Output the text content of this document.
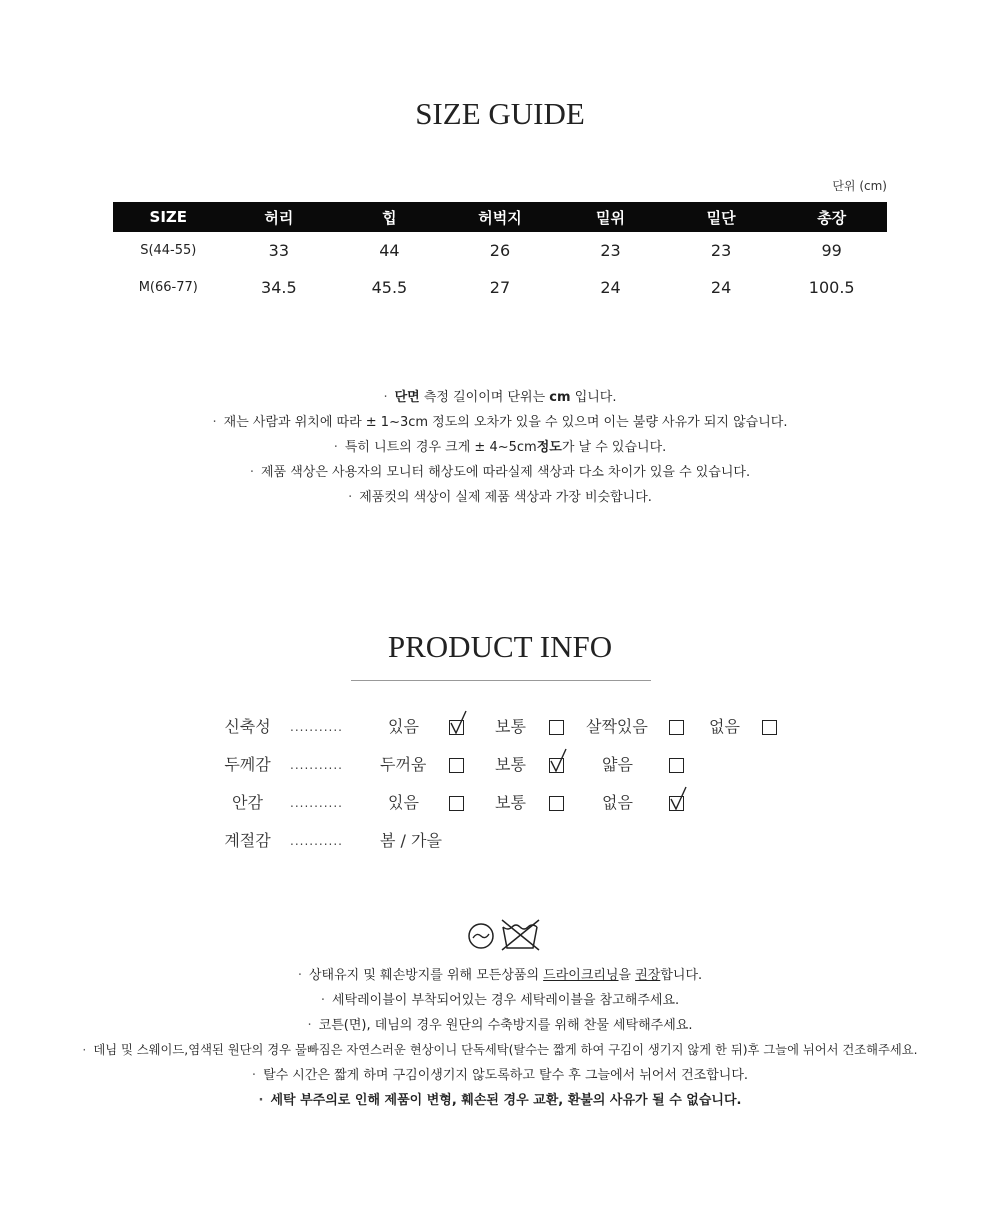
SIZE GUIDE
단위 (cm)
SIZE	허리	힙	허벅지	밑위	밑단	총장
S(44-55)	33	44	26	23	23	99
M(66-77)	34.5	45.5	27	24	24	100.5
· 단면 측정 길이이며 단위는 cm 입니다.
· 재는 사람과 위치에 따라 ± 1~3cm 정도의 오차가 있을 수 있으며 이는 불량 사유가 되지 않습니다.
· 특히 니트의 경우 크게 ± 4~5cm정도가 날 수 있습니다.
· 제품 색상은 사용자의 모니터 해상도에 따라실제 색상과 다소 차이가 있을 수 있습니다.
· 제품컷의 색상이 실제 제품 색상과 가장 비슷합니다.
PRODUCT INFO
신축성	...........	있음	보통	살짝있음	없음
두께감	........... 두꺼움	보통	얇음
안감	...........	있음	보통	없음
계절감	........... 봄 / 가을
· 상태유지 및 훼손방지를 위해 모든상품의 드라이크리닝을 권장합니다.
· 세탁레이블이 부착되어있는 경우 세탁레이블을 참고해주세요.
· 코튼(면), 데님의 경우 원단의 수축방지를 위해 찬물 세탁해주세요.
· 데님 및 스웨이드,염색된 원단의 경우 물빠짐은 자연스러운 현상이니 단독세탁(탈수는 짧게 하여 구김이 생기지 않게 한 뒤)후 그늘에 뉘어서 건조해주세요.
· 탈수 시간은 짧게 하며 구김이생기지 않도록하고 탈수 후 그늘에서 뉘어서 건조합니다.
· 세탁 부주의로 인해 제품이 변형, 훼손된 경우 교환, 환불의 사유가 될 수 없습니다.
